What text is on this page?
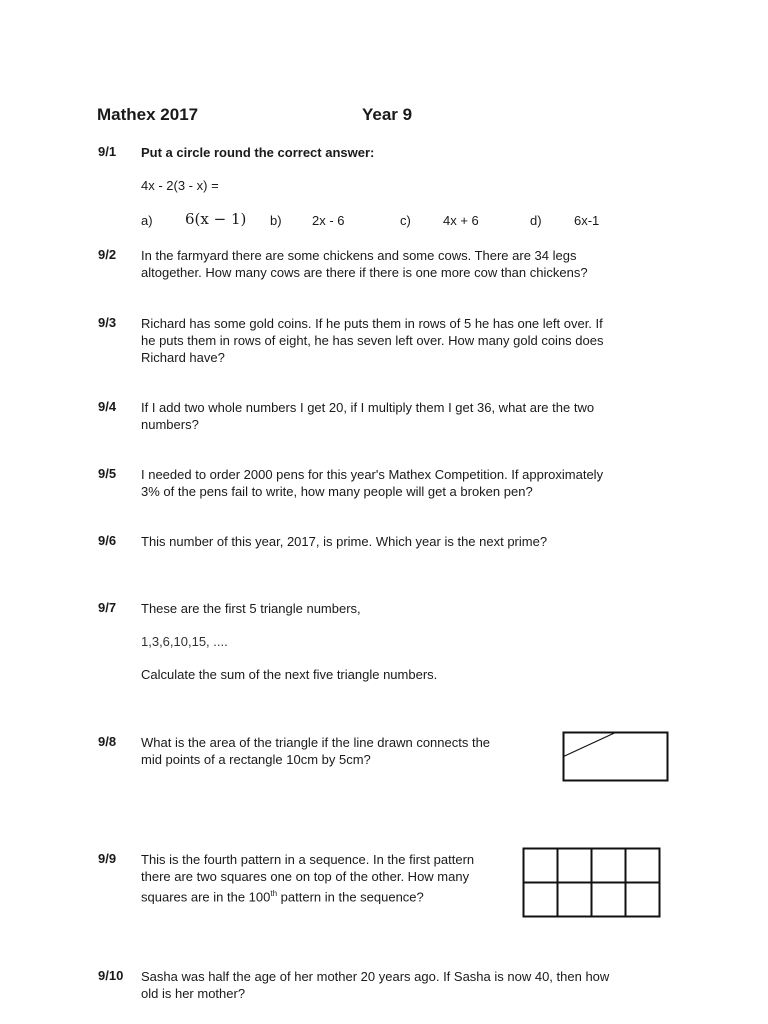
Mathex 2017	Year 9
9/1 Put a circle round the correct answer:
4x - 2(3 - x) =
a) 6(x − 1) b) 2x - 6	c) 4x + 6	d) 6x-1
9/2 In the farmyard there are some chickens and some cows. There are 34 legs
altogether. How many cows are there if there is one more cow than chickens?
9/3 Richard has some gold coins. If he puts them in rows of 5 he has one left over. If
he puts them in rows of eight, he has seven left over. How many gold coins does
Richard have?
9/4 If I add two whole numbers I get 20, if I multiply them I get 36, what are the two
numbers?
9/5 I needed to order 2000 pens for this year's Mathex Competition. If approximately
3% of the pens fail to write, how many people will get a broken pen?
9/6 This number of this year, 2017, is prime. Which year is the next prime?
9/7 These are the first 5 triangle numbers,
1,3,6,10,15, ....
Calculate the sum of the next five triangle numbers.
9/8 What is the area of the triangle if the line drawn connects the
mid points of a rectangle 10cm by 5cm?
9/9 This is the fourth pattern in a sequence. In the first pattern
there are two squares one on top of the other. How many
squares are in the 100th pattern in the sequence?
9/10 Sasha was half the age of her mother 20 years ago. If Sasha is now 40, then how
old is her mother?
